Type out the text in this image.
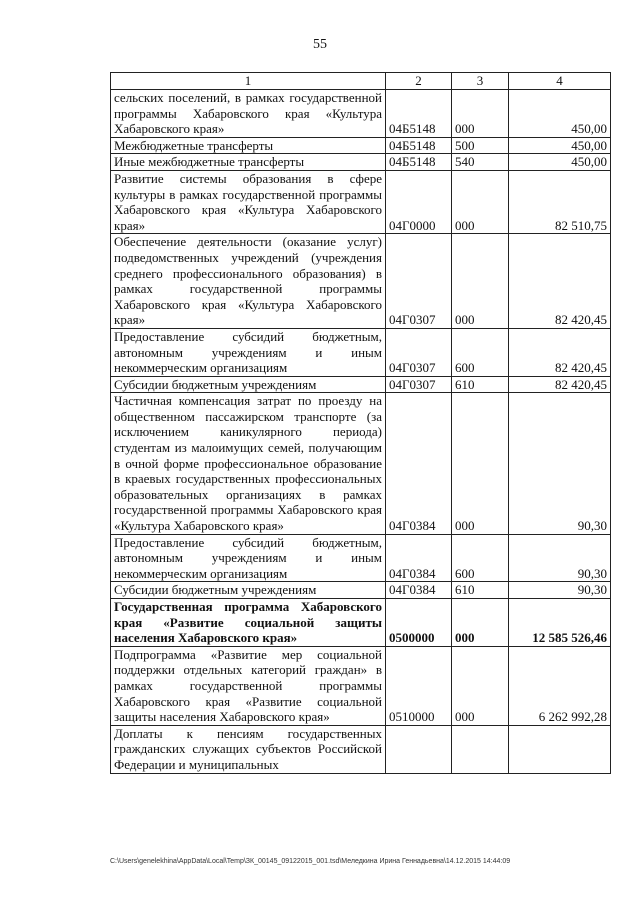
55
1	2	3	4
сельских поселений, в рамках государственной программы Хабаровского края «Культура Хабаровского края»	04Б5148	000	450,00
Межбюджетные трансферты	04Б5148	500	450,00
Иные межбюджетные трансферты	04Б5148	540	450,00
Развитие системы образования в сфере культуры в рамках государственной программы Хабаровского края «Культура Хабаровского края»	04Г0000	000	82 510,75
Обеспечение деятельности (оказание услуг) подведомственных учреждений (учреждения среднего профессионального образования) в рамках государственной программы Хабаровского края «Культура Хабаровского края»	04Г0307	000	82 420,45
Предоставление субсидий бюджетным, автономным учреждениям и иным некоммерческим организациям	04Г0307	600	82 420,45
Субсидии бюджетным учреждениям	04Г0307	610	82 420,45
Частичная компенсация затрат по проезду на общественном пассажирском транспорте (за исключением каникулярного периода) студентам из малоимущих семей, получающим в очной форме профессиональное образование в краевых государственных профессиональных образовательных организациях в рамках государственной программы Хабаровского края «Культура Хабаровского края»	04Г0384	000	90,30
Предоставление субсидий бюджетным, автономным учреждениям и иным некоммерческим организациям	04Г0384	600	90,30
Субсидии бюджетным учреждениям	04Г0384	610	90,30
Государственная программа Хабаровского края «Развитие социальной защиты населения Хабаровского края»	0500000	000	12 585 526,46
Подпрограмма «Развитие мер социальной поддержки отдельных категорий граждан» в рамках государственной программы Хабаровского края «Развитие социальной защиты населения Хабаровского края»	0510000	000	6 262 992,28
Доплаты к пенсиям государственных гражданских служащих субъектов Российской Федерации и муниципальных			
C:\Users\genelekhina\AppData\Local\Temp\ЗК_00145_09122015_001.tsd\Меледкина Ирина Геннадьевна\14.12.2015 14:44:09
